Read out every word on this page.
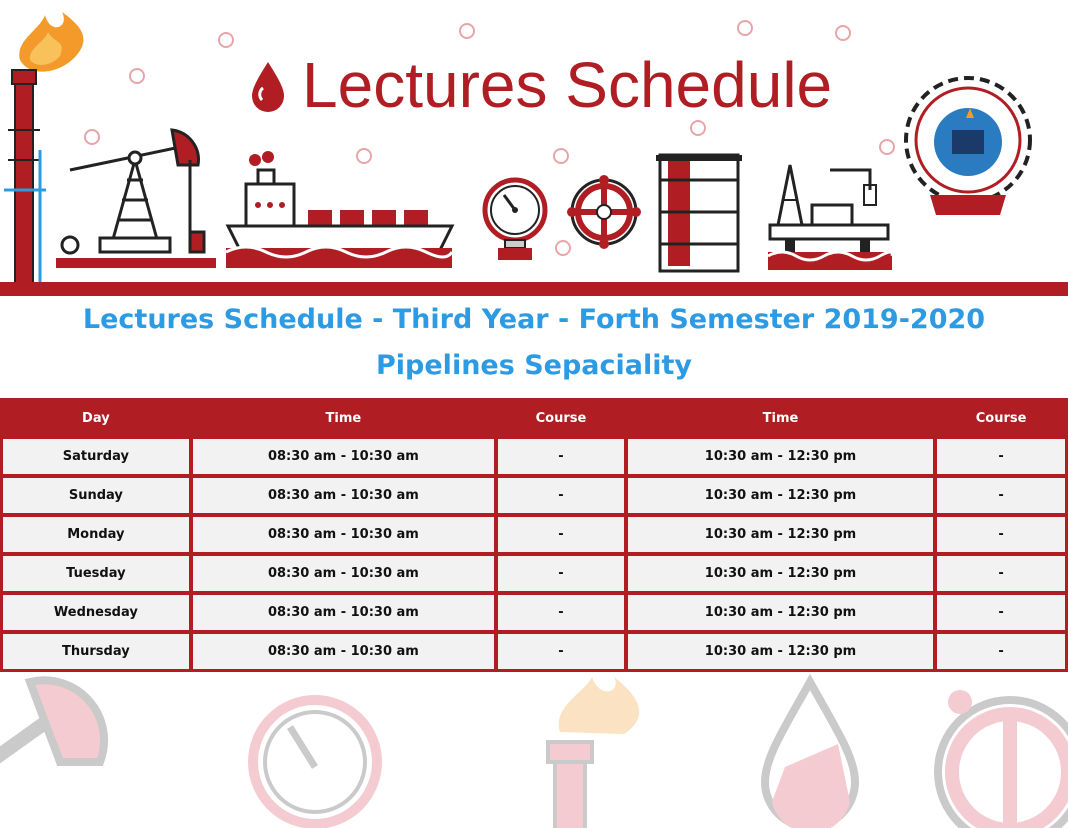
Lectures Schedule
Lectures Schedule - Third Year - Forth Semester 2019-2020
Pipelines Sepaciality
Day	Time	Course	Time	Course
Saturday	08:30 am - 10:30 am	-	10:30 am - 12:30 pm	-
Sunday	08:30 am - 10:30 am	-	10:30 am - 12:30 pm	-
Monday	08:30 am - 10:30 am	-	10:30 am - 12:30 pm	-
Tuesday	08:30 am - 10:30 am	-	10:30 am - 12:30 pm	-
Wednesday	08:30 am - 10:30 am	-	10:30 am - 12:30 pm	-
Thursday	08:30 am - 10:30 am	-	10:30 am - 12:30 pm	-
